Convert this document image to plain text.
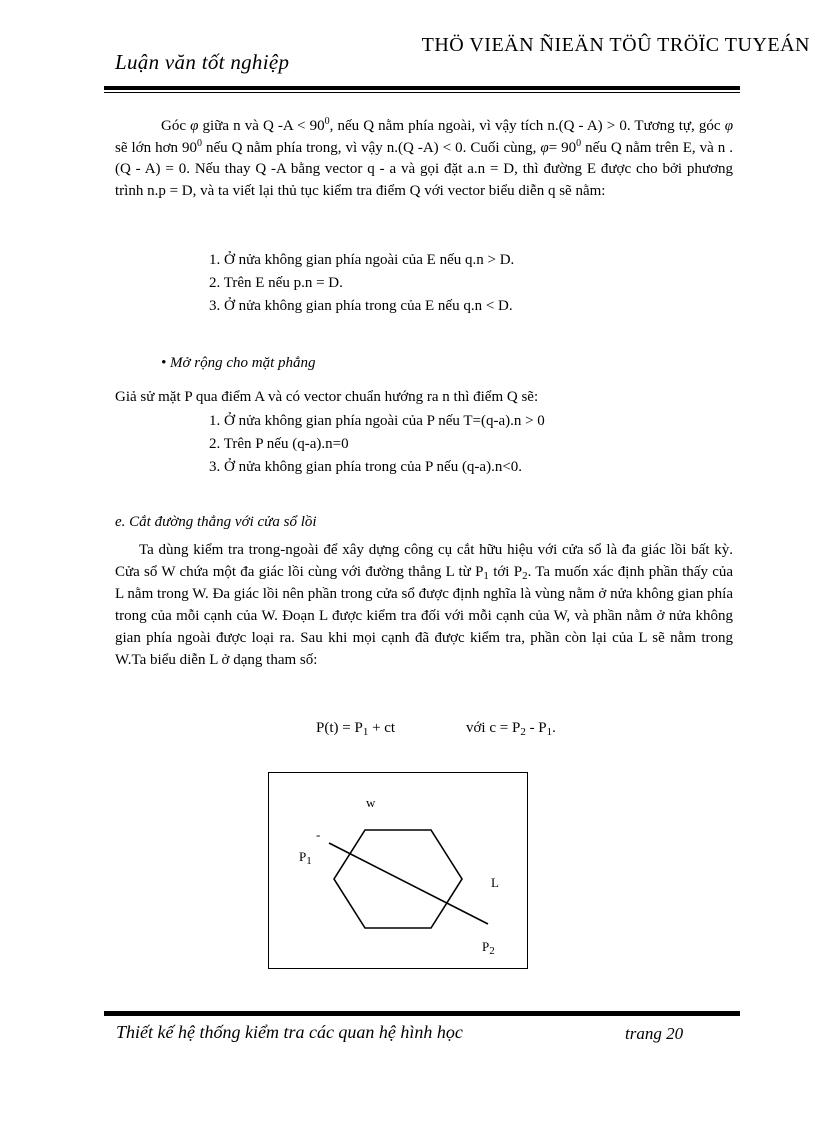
THÖ VIEÄN ÑIEÄN TÖÛ TRÖÏC TUYEÁN
Luận văn tốt nghiệp

Góc φ giữa n và Q $-A < 90^0$, nếu Q nằm phía ngoài, vì vậy tích n.(Q - A) > 0. Tương tự, góc φ sẽ lớn hơn $90^0$ nếu Q nằm phía trong, vì vậy n.(Q -A) < 0. Cuối cùng, $\varphi= 90^0$ nếu Q nằm trên E, và n .(Q - A) = 0. Nếu thay Q -A bằng vector q - a và gọi đặt a.n = D, thì đường E được cho bởi phương trình n.p = D, và ta viết lại thủ tục kiểm tra điểm Q với vector biểu diễn q sẽ nằm:

1. Ở nửa không gian phía ngoài của E nếu q.n > D.

2. Trên E nếu p.n = D.

3. Ở nửa không gian phía trong của E nếu q.n < D.

• Mở rộng cho mặt phẳng
Giả sử mặt P qua điểm A và có vector chuẩn hướng ra n thì điểm Q sẽ:

1. Ở nửa không gian phía ngoài của P nếu T=(q-a).n > 0

2. Trên P nếu (q-a).n=0

3. Ở nửa không gian phía trong của P nếu (q-a).n<0.

e. Cắt đường thẳng với cửa sổ lồi

Ta dùng kiểm tra trong-ngoài để xây dựng công cụ cắt hữu hiệu với cửa sổ là đa giác lồi bất kỳ. Cửa sổ W chứa một đa giác lồi cùng với đường thẳng L từ $P_1$ tới $P_2$. Ta muốn xác định phần thấy của L nằm trong W. Đa giác lồi nên phần trong cửa sổ được định nghĩa là vùng nằm ở nửa không gian phía trong của mỗi cạnh của W. Đoạn L được kiểm tra đối với mỗi cạnh của W, và phần nằm ở nửa không gian phía ngoài được loại ra. Sau khi mọi cạnh đã được kiểm tra, phần còn lại của L sẽ nằm trong W.Ta biểu diễn L ở dạng tham số:

$P(t) = P_1$ + ct	với $c = P_2 - P_1$.
w
-
$P_1$
L
$P_2$
Thiết kế hệ thống kiểm tra các quan hệ hình học	trang 20
